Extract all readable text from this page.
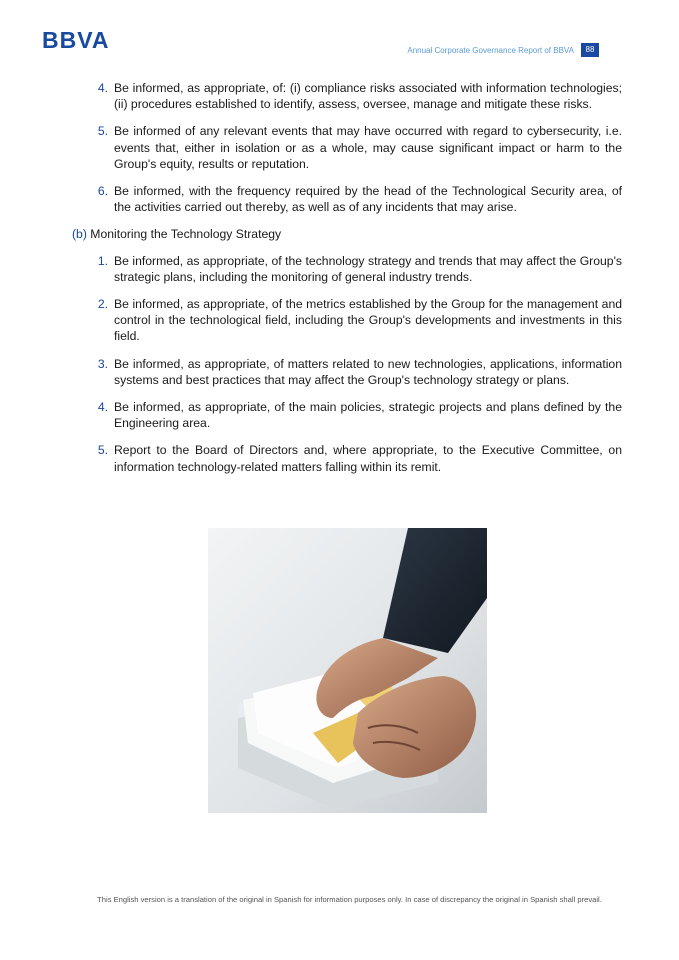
BBVA	Annual Corporate Governance Report of BBVA	88
4. Be informed, as appropriate, of: (i) compliance risks associated with information technologies; (ii) procedures established to identify, assess, oversee, manage and mitigate these risks.
5. Be informed of any relevant events that may have occurred with regard to cybersecurity, i.e. events that, either in isolation or as a whole, may cause significant impact or harm to the Group's equity, results or reputation.
6. Be informed, with the frequency required by the head of the Technological Security area, of the activities carried out thereby, as well as of any incidents that may arise.
(b) Monitoring the Technology Strategy
1. Be informed, as appropriate, of the technology strategy and trends that may affect the Group's strategic plans, including the monitoring of general industry trends.
2. Be informed, as appropriate, of the metrics established by the Group for the management and control in the technological field, including the Group's developments and investments in this field.
3. Be informed, as appropriate, of matters related to new technologies, applications, information systems and best practices that may affect the Group's technology strategy or plans.
4. Be informed, as appropriate, of the main policies, strategic projects and plans defined by the Engineering area.
5. Report to the Board of Directors and, where appropriate, to the Executive Committee, on information technology-related matters falling within its remit.
This English version is a translation of the original in Spanish for information purposes only. In case of discrepancy the original in Spanish shall prevail.
